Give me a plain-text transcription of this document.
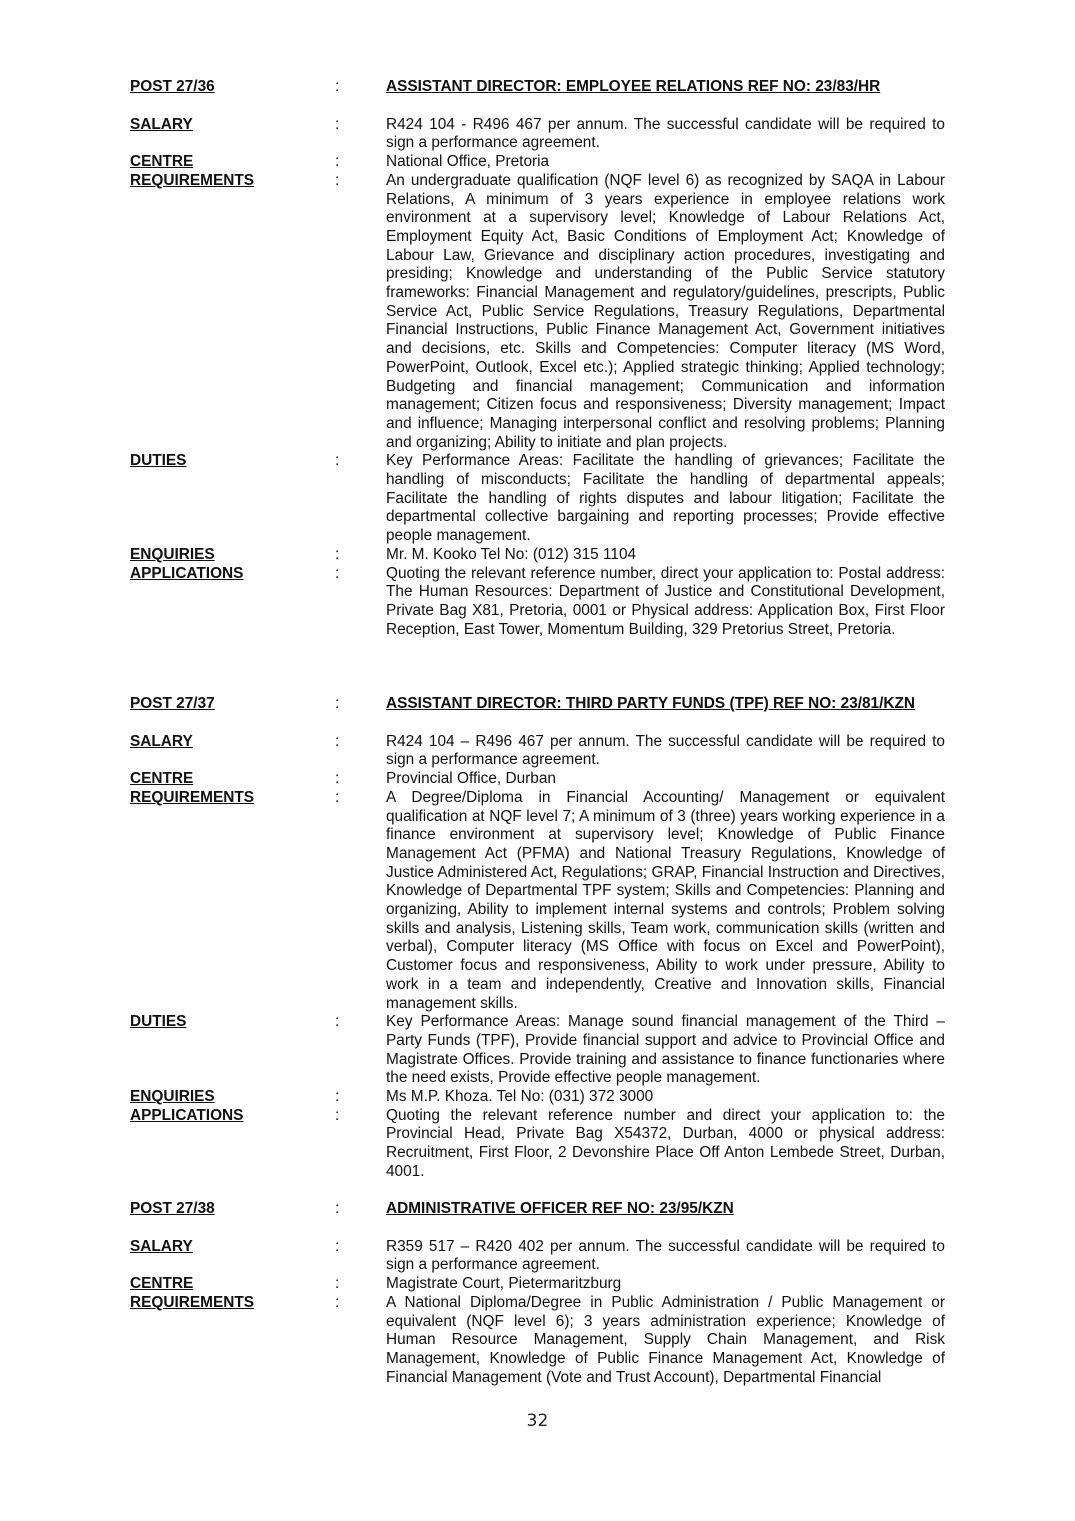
POST 27/36	:	ASSISTANT DIRECTOR: EMPLOYEE RELATIONS REF NO: 23/83/HR
SALARY	:	R424 104 - R496 467 per annum. The successful candidate will be required to sign a performance agreement.
CENTRE	:	National Office, Pretoria
REQUIREMENTS	:	An undergraduate qualification (NQF level 6) as recognized by SAQA in Labour Relations, A minimum of 3 years experience in employee relations work environment at a supervisory level; Knowledge of Labour Relations Act, Employment Equity Act, Basic Conditions of Employment Act; Knowledge of Labour Law, Grievance and disciplinary action procedures, investigating and presiding; Knowledge and understanding of the Public Service statutory frameworks: Financial Management and regulatory/guidelines, prescripts, Public Service Act, Public Service Regulations, Treasury Regulations, Departmental Financial Instructions, Public Finance Management Act, Government initiatives and decisions, etc. Skills and Competencies: Computer literacy (MS Word, PowerPoint, Outlook, Excel etc.); Applied strategic thinking; Applied technology; Budgeting and financial management; Communication and information management; Citizen focus and responsiveness; Diversity management; Impact and influence; Managing interpersonal conflict and resolving problems; Planning and organizing; Ability to initiate and plan projects.
DUTIES	:	Key Performance Areas: Facilitate the handling of grievances; Facilitate the handling of misconducts; Facilitate the handling of departmental appeals; Facilitate the handling of rights disputes and labour litigation; Facilitate the departmental collective bargaining and reporting processes; Provide effective people management.
ENQUIRIES	:	Mr. M. Kooko Tel No: (012) 315 1104
APPLICATIONS	:	Quoting the relevant reference number, direct your application to: Postal address: The Human Resources: Department of Justice and Constitutional Development, Private Bag X81, Pretoria, 0001 or Physical address: Application Box, First Floor Reception, East Tower, Momentum Building, 329 Pretorius Street, Pretoria.
POST 27/37	:	ASSISTANT DIRECTOR: THIRD PARTY FUNDS (TPF) REF NO: 23/81/KZN
SALARY	:	R424 104 – R496 467 per annum. The successful candidate will be required to sign a performance agreement.
CENTRE	:	Provincial Office, Durban
REQUIREMENTS	:	A Degree/Diploma in Financial Accounting/ Management or equivalent qualification at NQF level 7; A minimum of 3 (three) years working experience in a finance environment at supervisory level; Knowledge of Public Finance Management Act (PFMA) and National Treasury Regulations, Knowledge of Justice Administered Act, Regulations; GRAP, Financial Instruction and Directives, Knowledge of Departmental TPF system; Skills and Competencies: Planning and organizing, Ability to implement internal systems and controls; Problem solving skills and analysis, Listening skills, Team work, communication skills (written and verbal), Computer literacy (MS Office with focus on Excel and PowerPoint), Customer focus and responsiveness, Ability to work under pressure, Ability to work in a team and independently, Creative and Innovation skills, Financial management skills.
DUTIES	:	Key Performance Areas: Manage sound financial management of the Third – Party Funds (TPF), Provide financial support and advice to Provincial Office and Magistrate Offices. Provide training and assistance to finance functionaries where the need exists, Provide effective people management.
ENQUIRIES	:	Ms M.P. Khoza. Tel No: (031) 372 3000
APPLICATIONS	:	Quoting the relevant reference number and direct your application to: the Provincial Head, Private Bag X54372, Durban, 4000 or physical address: Recruitment, First Floor, 2 Devonshire Place Off Anton Lembede Street, Durban, 4001.
POST 27/38	:	ADMINISTRATIVE OFFICER REF NO: 23/95/KZN
SALARY	:	R359 517 – R420 402 per annum. The successful candidate will be required to sign a performance agreement.
CENTRE	:	Magistrate Court, Pietermaritzburg
REQUIREMENTS	:	A National Diploma/Degree in Public Administration / Public Management or equivalent (NQF level 6); 3 years administration experience; Knowledge of Human Resource Management, Supply Chain Management, and Risk Management, Knowledge of Public Finance Management Act, Knowledge of Financial Management (Vote and Trust Account), Departmental Financial
32
